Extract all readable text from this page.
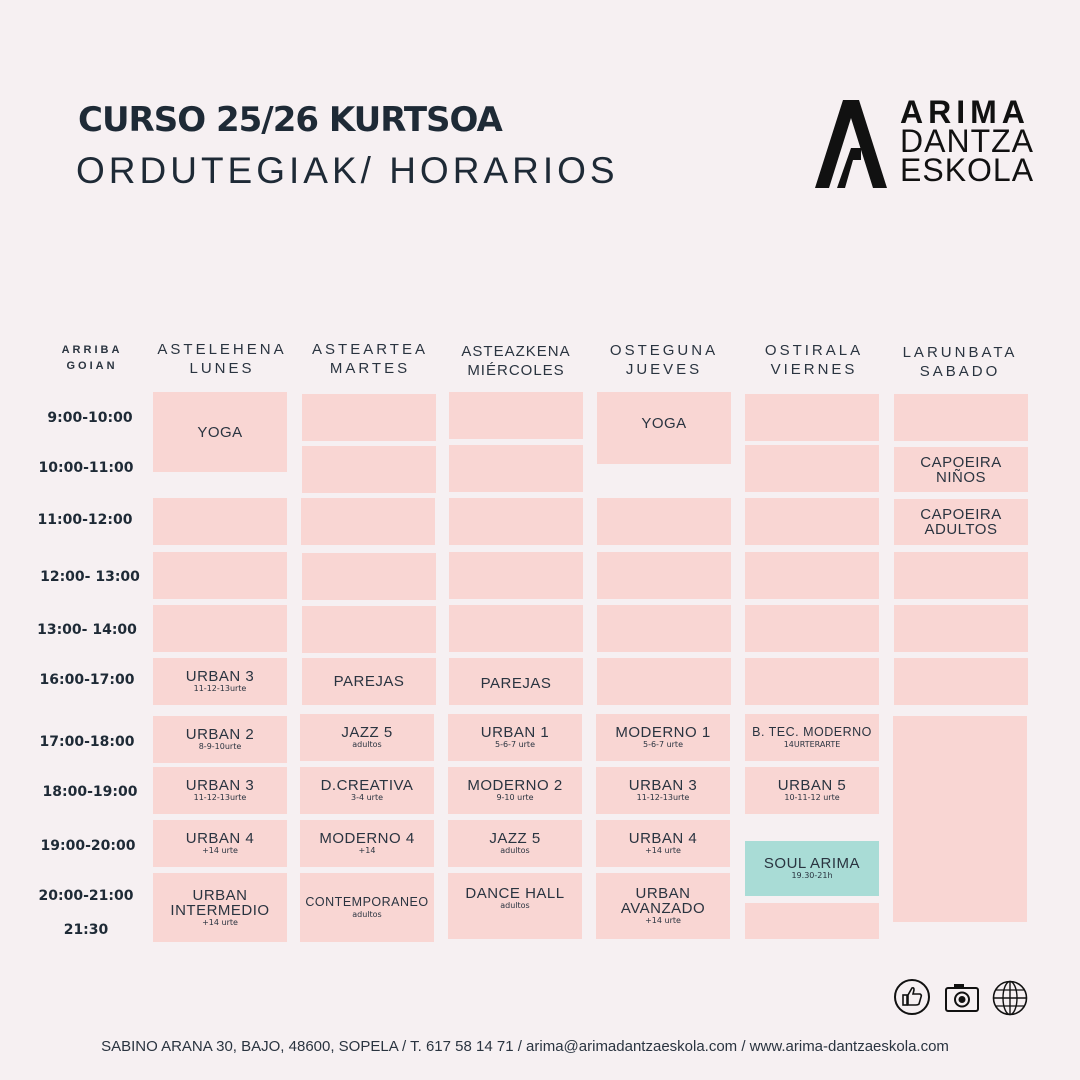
CURSO 25/26 KURTSOA
ORDUTEGIAK/ HORARIOS
ARIMA
DANTZA
ESKOLA
ARRIBA
GOIAN
ASTELEHENA
LUNES
ASTEARTEA
MARTES
ASTEAZKENA
MIÉRCOLES
OSTEGUNA
JUEVES
OSTIRALA
VIERNES
LARUNBATA
SABADO
9:00-10:00
10:00-11:00
11:00-12:00
12:00- 13:00
13:00- 14:00
16:00-17:00
17:00-18:00
18:00-19:00
19:00-20:00
20:00-21:00
21:30
YOGA
URBAN 3
11-12-13urte
URBAN 2
8-9-10urte
URBAN 3
11-12-13urte
URBAN 4
+14 urte
URBAN
INTERMEDIO
+14 urte
PAREJAS
JAZZ 5
adultos
D.CREATIVA
3-4 urte
MODERNO 4
+14
CONTEMPORANEO
adultos
PAREJAS
URBAN 1
5-6-7 urte
MODERNO 2
9-10 urte
JAZZ 5
adultos
DANCE HALL
adultos
YOGA
MODERNO 1
5-6-7 urte
URBAN 3
11-12-13urte
URBAN 4
+14 urte
URBAN
AVANZADO
+14 urte
B. TEC. MODERNO
14URTERARTE
URBAN 5
10-11-12 urte
SOUL ARIMA
19.30-21h
CAPOEIRA
NIÑOS
CAPOEIRA
ADULTOS
SABINO ARANA 30, BAJO, 48600, SOPELA / T. 617 58 14 71 / arima@arimadantzaeskola.com / www.arima-dantzaeskola.com
